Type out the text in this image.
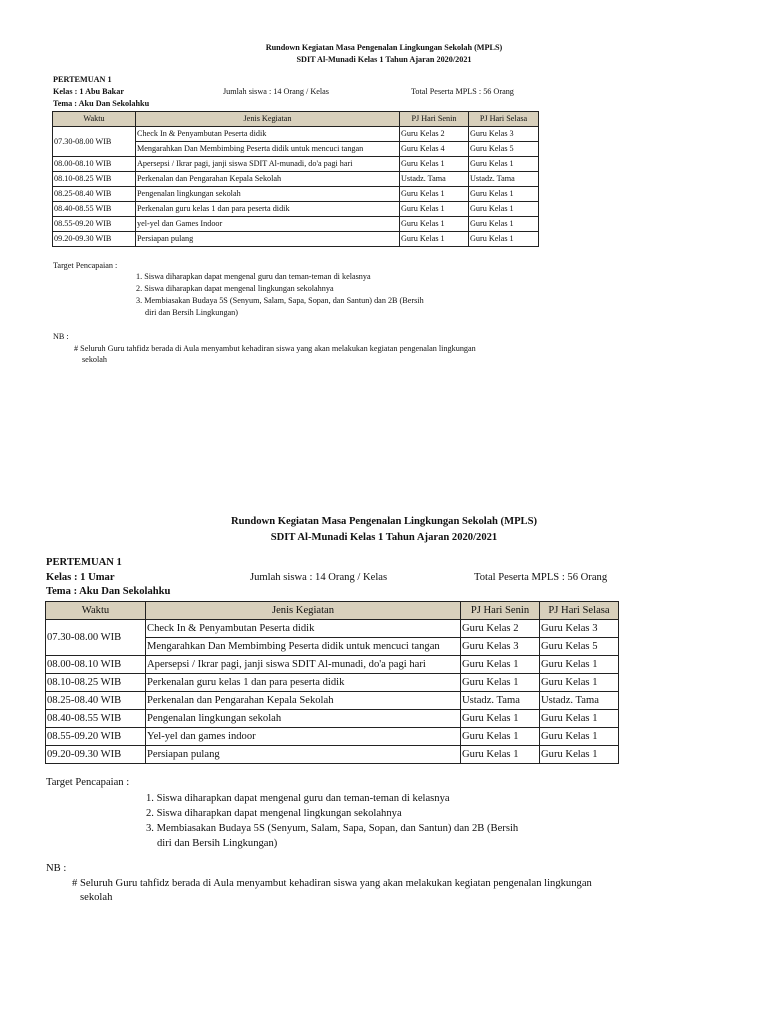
Rundown Kegiatan Masa Pengenalan Lingkungan Sekolah (MPLS)
SDIT Al-Munadi Kelas 1 Tahun Ajaran 2020/2021
PERTEMUAN 1
Kelas : 1 Abu Bakar	Jumlah siswa : 14 Orang / Kelas	Total Peserta MPLS : 56 Orang
Tema : Aku Dan Sekolahku
Waktu	Jenis Kegiatan	PJ Hari Senin	PJ Hari Selasa
07.30-08.00 WIB	Check In & Penyambutan Peserta didik	Guru Kelas 2	Guru Kelas 3
	Mengarahkan Dan Membimbing Peserta didik untuk mencuci tangan	Guru Kelas 4	Guru Kelas 5
08.00-08.10 WIB	Apersepsi / Ikrar pagi, janji siswa SDIT Al-munadi, do'a pagi hari	Guru Kelas 1	Guru Kelas 1
08.10-08.25 WIB	Perkenalan dan Pengarahan Kepala Sekolah	Ustadz. Tama	Ustadz. Tama
08.25-08.40 WIB	Pengenalan lingkungan sekolah	Guru Kelas 1	Guru Kelas 1
08.40-08.55 WIB	Perkenalan guru kelas 1 dan para peserta didik	Guru Kelas 1	Guru Kelas 1
08.55-09.20 WIB	yel-yel dan Games Indoor	Guru Kelas 1	Guru Kelas 1
09.20-09.30 WIB	Persiapan pulang	Guru Kelas 1	Guru Kelas 1
Target Pencapaian :
1. Siswa diharapkan dapat mengenal guru dan teman-teman di kelasnya
2. Siswa diharapkan dapat mengenal lingkungan sekolahnya
3. Membiasakan Budaya 5S (Senyum, Salam, Sapa, Sopan, dan Santun) dan 2B (Bersih
diri dan Bersih Lingkungan)
NB :
# Seluruh Guru tahfidz berada di Aula menyambut kehadiran siswa yang akan melakukan kegiatan pengenalan lingkungan
sekolah
Rundown Kegiatan Masa Pengenalan Lingkungan Sekolah (MPLS)
SDIT Al-Munadi Kelas 1 Tahun Ajaran 2020/2021
PERTEMUAN 1
Kelas : 1 Umar	Jumlah siswa : 14 Orang / Kelas	Total Peserta MPLS : 56 Orang
Tema : Aku Dan Sekolahku
Waktu	Jenis Kegiatan	PJ Hari Senin	PJ Hari Selasa
07.30-08.00 WIB	Check In & Penyambutan Peserta didik	Guru Kelas 2	Guru Kelas 3
	Mengarahkan Dan Membimbing Peserta didik untuk mencuci tangan	Guru Kelas 3	Guru Kelas 5
08.00-08.10 WIB	Apersepsi / Ikrar pagi, janji siswa SDIT Al-munadi, do'a pagi hari	Guru Kelas 1	Guru Kelas 1
08.10-08.25 WIB	Perkenalan guru kelas 1 dan para peserta didik	Guru Kelas 1	Guru Kelas 1
08.25-08.40 WIB	Perkenalan dan Pengarahan Kepala Sekolah	Ustadz. Tama	Ustadz. Tama
08.40-08.55 WIB	Pengenalan lingkungan sekolah	Guru Kelas 1	Guru Kelas 1
08.55-09.20 WIB	Yel-yel dan games indoor	Guru Kelas 1	Guru Kelas 1
09.20-09.30 WIB	Persiapan pulang	Guru Kelas 1	Guru Kelas 1
Target Pencapaian :
1. Siswa diharapkan dapat mengenal guru dan teman-teman di kelasnya
2. Siswa diharapkan dapat mengenal lingkungan sekolahnya
3. Membiasakan Budaya 5S (Senyum, Salam, Sapa, Sopan, dan Santun) dan 2B (Bersih
diri dan Bersih Lingkungan)
NB :
# Seluruh Guru tahfidz berada di Aula menyambut kehadiran siswa yang akan melakukan kegiatan pengenalan lingkungan
sekolah
